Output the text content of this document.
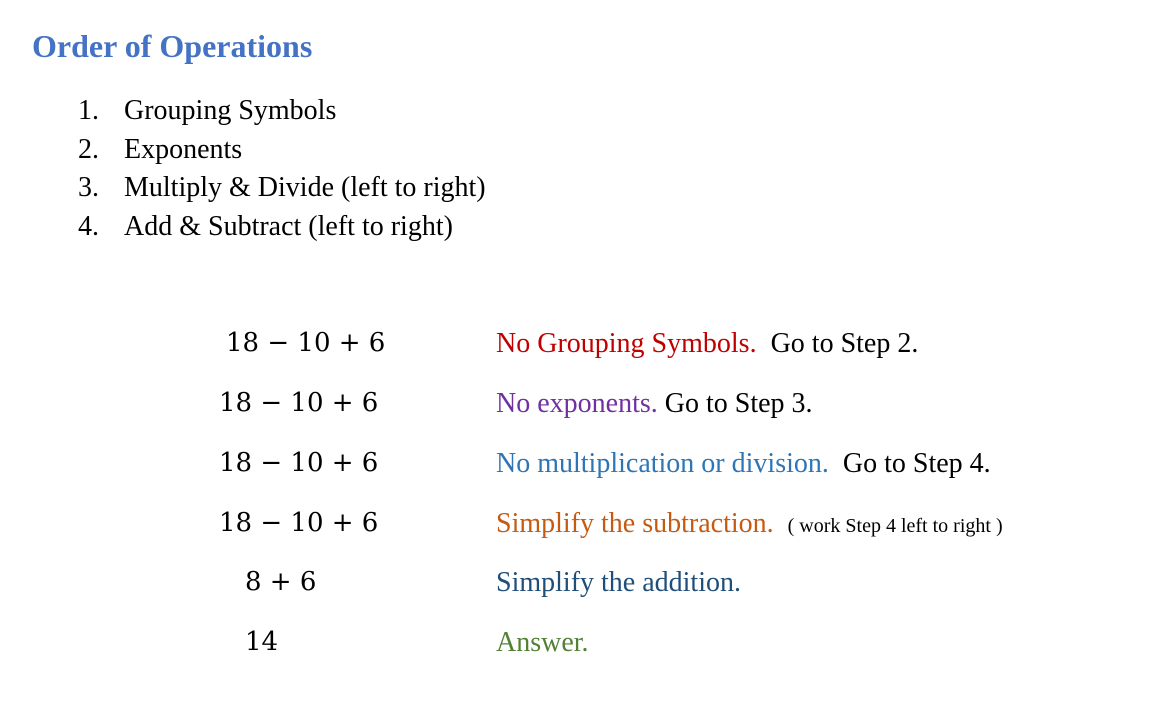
Order of Operations
1. Grouping Symbols
2. Exponents
3. Multiply & Divide (left to right)
4. Add & Subtract (left to right)
18 − 10 + 6	No Grouping Symbols. Go to Step 2.
18 − 10 + 6	No exponents. Go to Step 3.
18 − 10 + 6	No multiplication or division. Go to Step 4.
18 − 10 + 6	Simplify the subtraction. ( work Step 4 left to right )
8 + 6	Simplify the addition.
14	Answer.
